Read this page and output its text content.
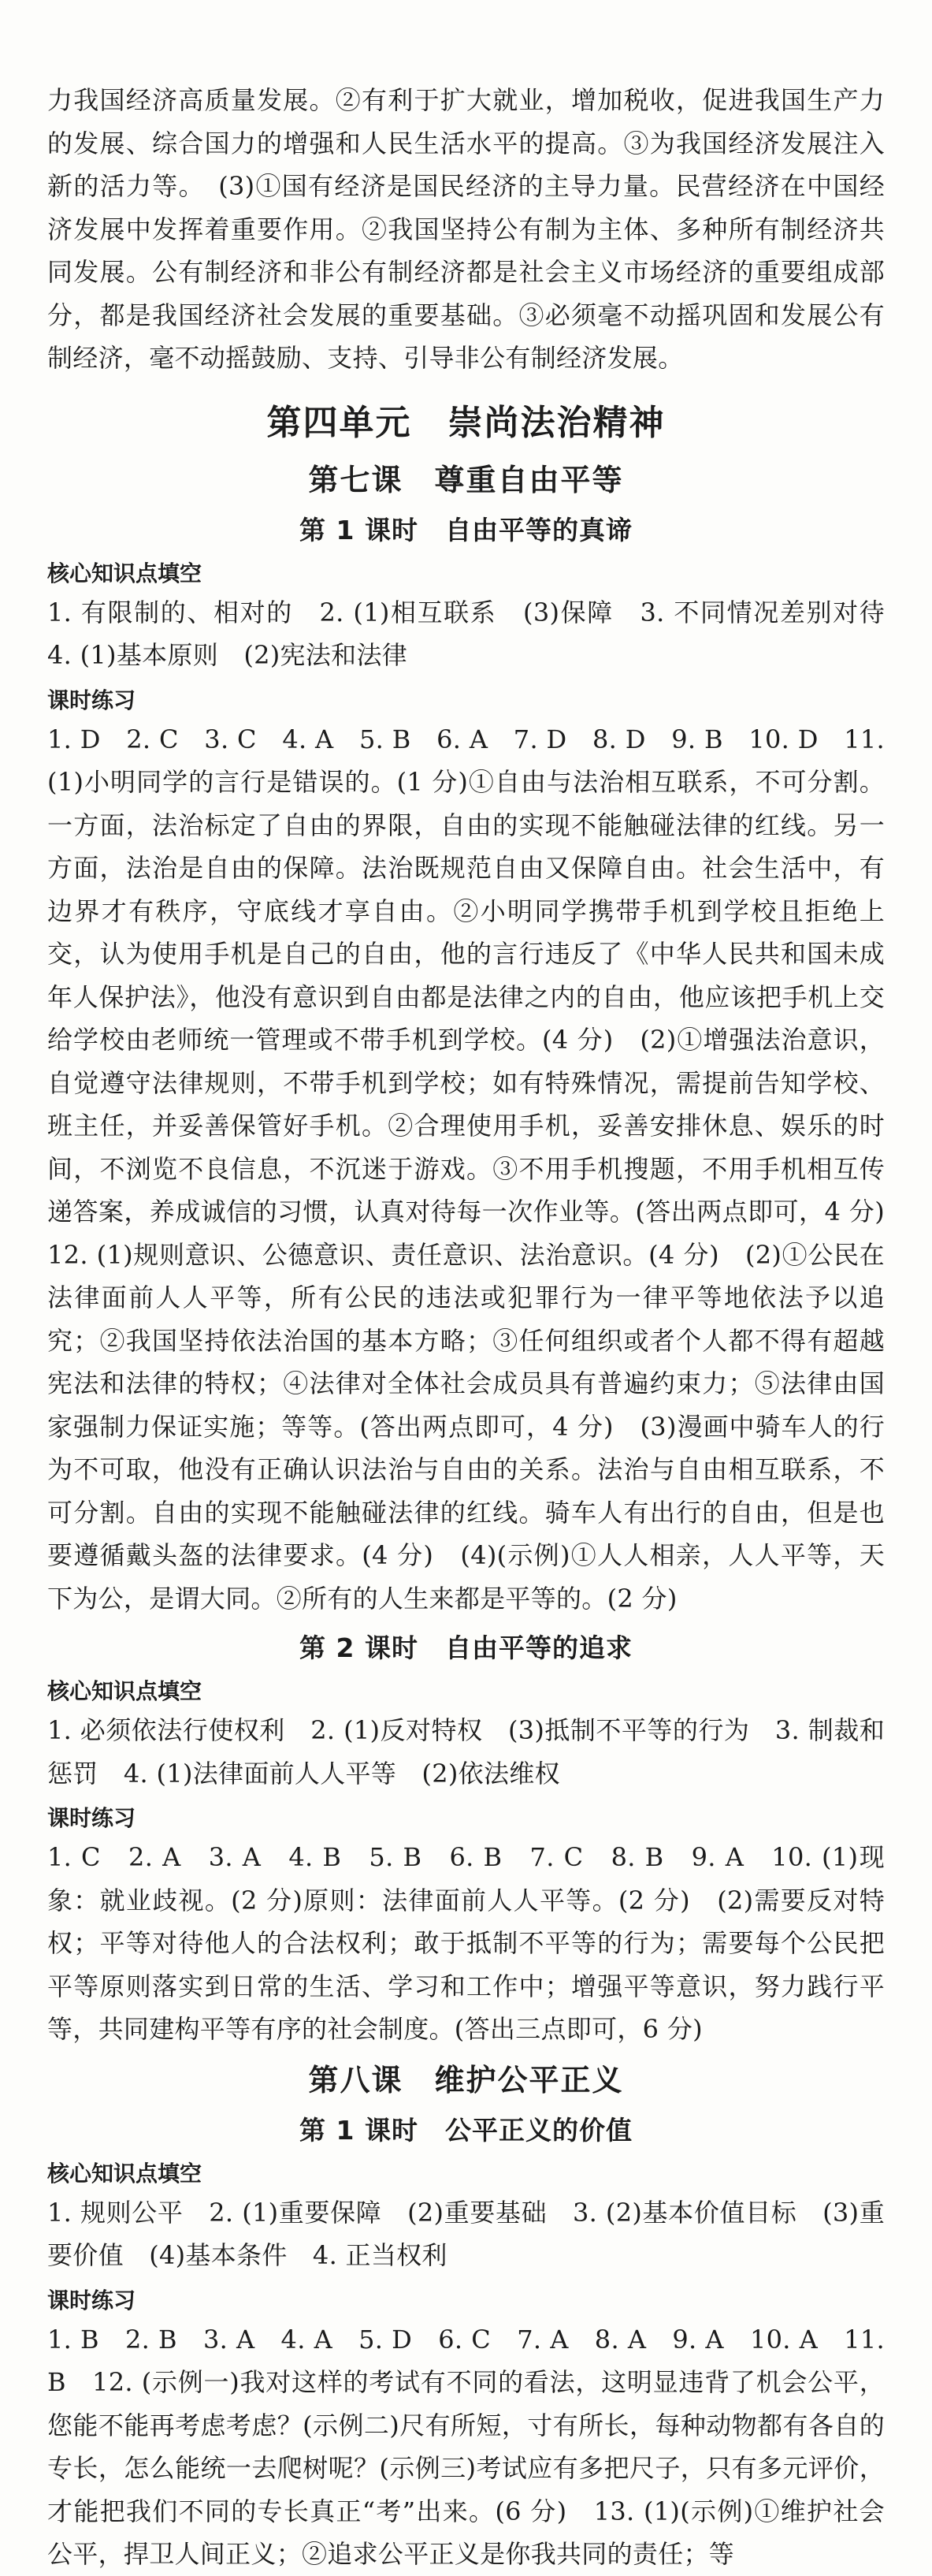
力我国经济高质量发展。②有利于扩大就业，增加税收，促进我国生产力的发展、综合国力的增强和人民生活水平的提高。③为我国经济发展注入新的活力等。　(3)①国有经济是国民经济的主导力量。民营经济在中国经济发展中发挥着重要作用。②我国坚持公有制为主体、多种所有制经济共同发展。公有制经济和非公有制经济都是社会主义市场经济的重要组成部分，都是我国经济社会发展的重要基础。③必须毫不动摇巩固和发展公有制经济，毫不动摇鼓励、支持、引导非公有制经济发展。

第四单元　崇尚法治精神
第七课　尊重自由平等
第 1 课时　自由平等的真谛
核心知识点填空

1. 有限制的、相对的　2. (1)相互联系　(3)保障　3. 不同情况差别对待　4. (1)基本原则　(2)宪法和法律

课时练习

1. D　2. C　3. C　4. A　5. B　6. A　7. D　8. D　9. B　10. D　11. (1)小明同学的言行是错误的。(1 分)①自由与法治相互联系，不可分割。一方面，法治标定了自由的界限，自由的实现不能触碰法律的红线。另一方面，法治是自由的保障。法治既规范自由又保障自由。社会生活中，有边界才有秩序，守底线才享自由。②小明同学携带手机到学校且拒绝上交，认为使用手机是自己的自由，他的言行违反了《中华人民共和国未成年人保护法》，他没有意识到自由都是法律之内的自由，他应该把手机上交给学校由老师统一管理或不带手机到学校。(4 分)　(2)①增强法治意识，自觉遵守法律规则，不带手机到学校；如有特殊情况，需提前告知学校、班主任，并妥善保管好手机。②合理使用手机，妥善安排休息、娱乐的时间，不浏览不良信息，不沉迷于游戏。③不用手机搜题，不用手机相互传递答案，养成诚信的习惯，认真对待每一次作业等。(答出两点即可，4 分)　12. (1)规则意识、公德意识、责任意识、法治意识。(4 分)　(2)①公民在法律面前人人平等，所有公民的违法或犯罪行为一律平等地依法予以追究；②我国坚持依法治国的基本方略；③任何组织或者个人都不得有超越宪法和法律的特权；④法律对全体社会成员具有普遍约束力；⑤法律由国家强制力保证实施；等等。(答出两点即可，4 分)　(3)漫画中骑车人的行为不可取，他没有正确认识法治与自由的关系。法治与自由相互联系，不可分割。自由的实现不能触碰法律的红线。骑车人有出行的自由，但是也要遵循戴头盔的法律要求。(4 分)　(4)(示例)①人人相亲，人人平等，天下为公，是谓大同。②所有的人生来都是平等的。(2 分)

第 2 课时　自由平等的追求
核心知识点填空

1. 必须依法行使权利　2. (1)反对特权　(3)抵制不平等的行为　3. 制裁和惩罚　4. (1)法律面前人人平等　(2)依法维权

课时练习

1. C　2. A　3. A　4. B　5. B　6. B　7. C　8. B　9. A　10. (1)现象：就业歧视。(2 分)原则：法律面前人人平等。(2 分)　(2)需要反对特权；平等对待他人的合法权利；敢于抵制不平等的行为；需要每个公民把平等原则落实到日常的生活、学习和工作中；增强平等意识，努力践行平等，共同建构平等有序的社会制度。(答出三点即可，6 分)

第八课　维护公平正义
第 1 课时　公平正义的价值
核心知识点填空

1. 规则公平　2. (1)重要保障　(2)重要基础　3. (2)基本价值目标　(3)重要价值　(4)基本条件　4. 正当权利

课时练习

1. B　2. B　3. A　4. A　5. D　6. C　7. A　8. A　9. A　10. A　11. B　12. (示例一)我对这样的考试有不同的看法，这明显违背了机会公平，您能不能再考虑考虑？(示例二)尺有所短，寸有所长，每种动物都有各自的专长，怎么能统一去爬树呢？(示例三)考试应有多把尺子，只有多元评价，才能把我们不同的专长真正“考”出来。(6 分)　13. (1)(示例)①维护社会公平，捍卫人间正义；②追求公平正义是你我共同的责任；等
